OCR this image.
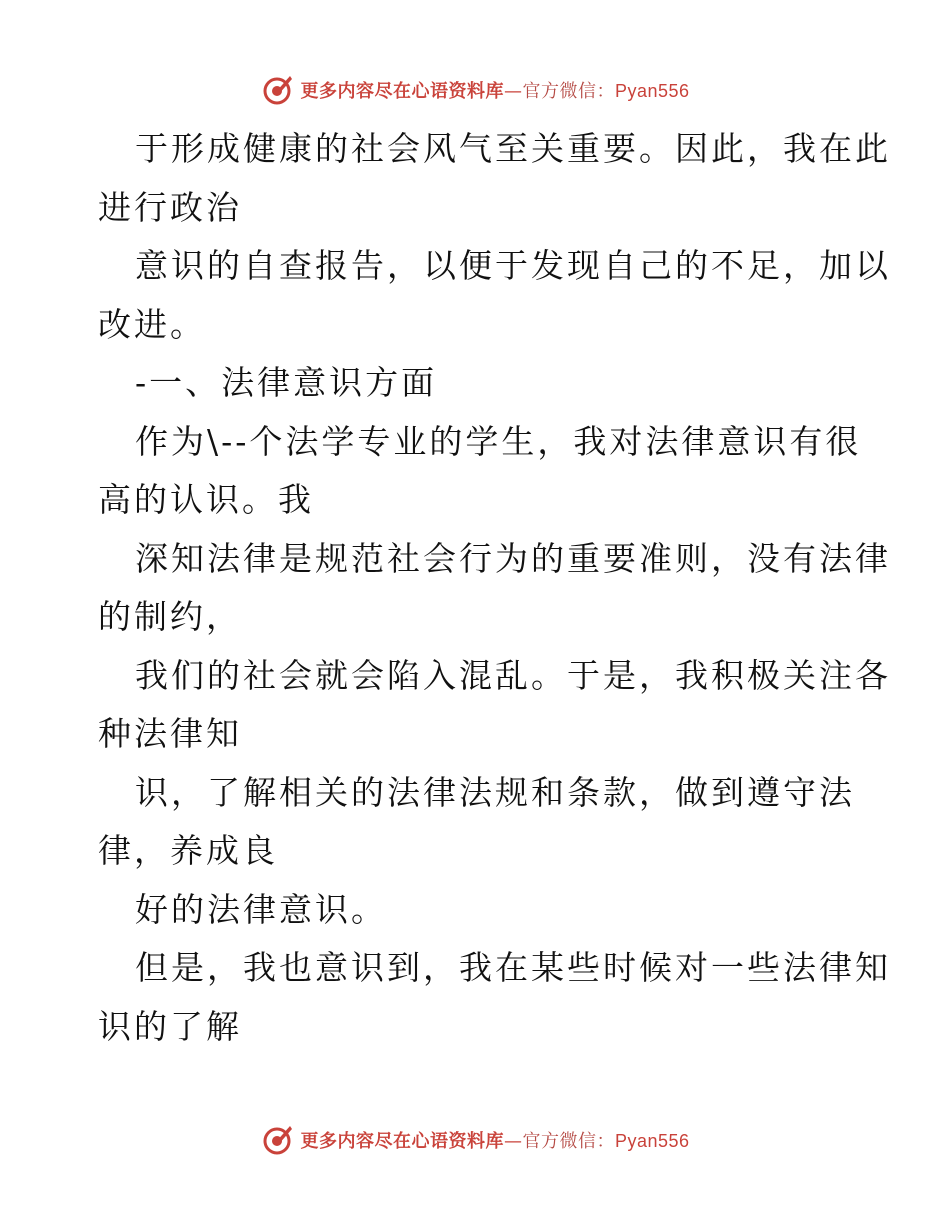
更多内容尽在心语资料库—官方微信：Pyan556
于形成健康的社会风气至关重要。因此，我在此
进行政治
意识的自查报告，以便于发现自己的不足，加以
改进。
-一、法律意识方面
作为\--个法学专业的学生，我对法律意识有很
高的认识。我
深知法律是规范社会行为的重要准则，没有法律
的制约，
我们的社会就会陷入混乱。于是，我积极关注各
种法律知
识，了解相关的法律法规和条款，做到遵守法
律，养成良
好的法律意识。
但是，我也意识到，我在某些时候对一些法律知
识的了解
更多内容尽在心语资料库—官方微信：Pyan556
